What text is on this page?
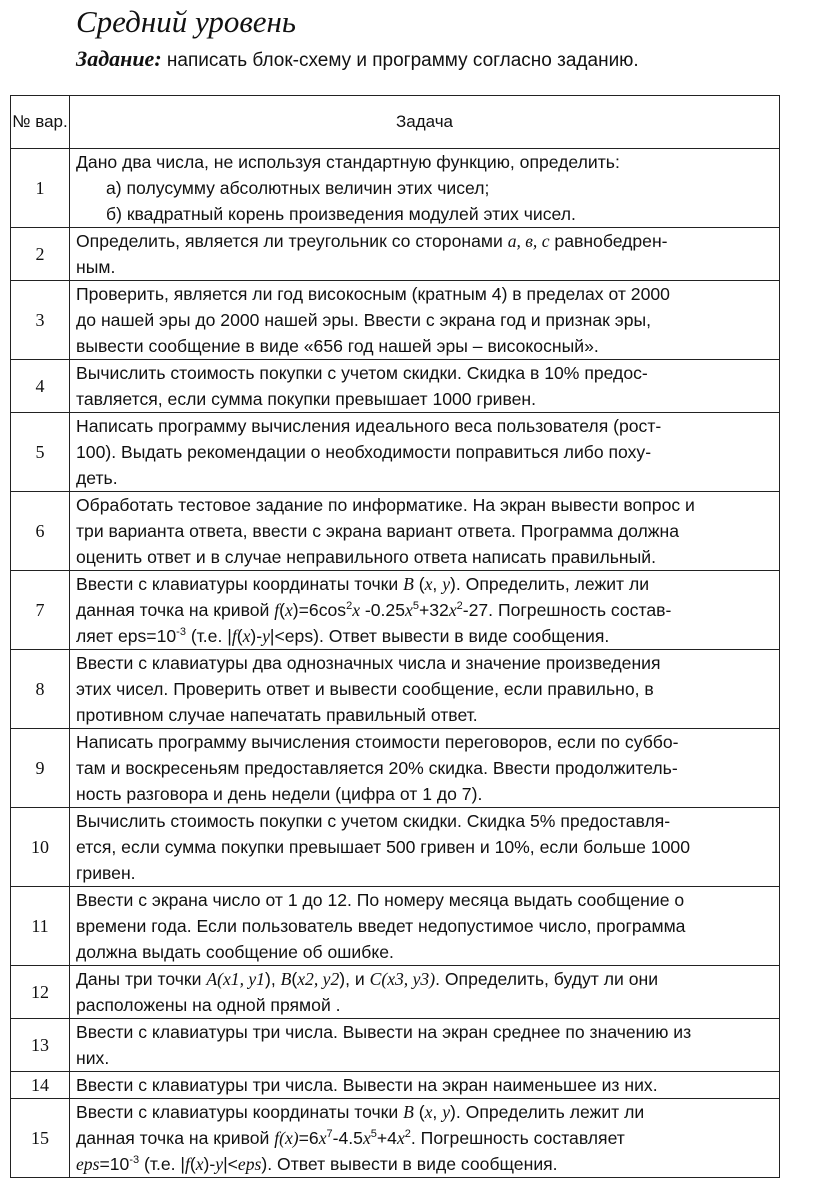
Средний уровень
Задание: написать блок-схему и программу согласно заданию.
№ вар.	Задача
1	Дано два числа, не используя стандартную функцию, определить:
а) полусумму абсолютных величин этих чисел;
б) квадратный корень произведения модулей этих чисел.

2	Определить, является ли треугольник со сторонами a, в, c равнобедрен-
ным.

3	Проверить, является ли год високосным (кратным 4) в пределах от 2000
до нашей эры до 2000 нашей эры. Ввести с экрана год и признак эры,
вывести сообщение в виде «656 год нашей эры – високосный».

4	Вычислить стоимость покупки с учетом скидки. Скидка в 10% предос-
тавляется, если сумма покупки превышает 1000 гривен.

5	Написать программу вычисления идеального веса пользователя (рост-
100). Выдать рекомендации о необходимости поправиться либо поху-
деть.

6	Обработать тестовое задание по информатике. На экран вывести вопрос и
три варианта ответа, ввести с экрана вариант ответа. Программа должна
оценить ответ и в случае неправильного ответа написать правильный.

7	Ввести с клавиатуры координаты точки B (x, y). Определить, лежит ли
данная точка на кривой $f(x)=6\cos^2x$ $-0.25x^5+32x^2-27$. Погрешность состав-
ляет $eps=10^{-3}$ (т.е. |f(x)-y|<eps). Ответ вывести в виде сообщения.

8	Ввести с клавиатуры два однозначных числа и значение произведения
этих чисел. Проверить ответ и вывести сообщение, если правильно, в
противном случае напечатать правильный ответ.

9	Написать программу вычисления стоимости переговоров, если по суббо-
там и воскресеньям предоставляется 20% скидка. Ввести продолжитель-
ность разговора и день недели (цифра от 1 до 7).

10	Вычислить стоимость покупки с учетом скидки. Скидка 5% предоставля-
ется, если сумма покупки превышает 500 гривен и 10%, если больше 1000
гривен.

11	Ввести с экрана число от 1 до 12. По номеру месяца выдать сообщение о
времени года. Если пользователь введет недопустимое число, программа
должна выдать сообщение об ошибке.

12	Даны три точки A(x1, y1), B(x2, y2), и C(x3, y3). Определить, будут ли они
расположены на одной прямой .

13	Ввести с клавиатуры три числа. Вывести на экран среднее по значению из
них.

14	Ввести с клавиатуры три числа. Вывести на экран наименьшее из них.

15	Ввести с клавиатуры координаты точки B (x, y). Определить лежит ли
данная точка на кривой $f(x)=6x^7-4.5x^5+4x^2$. Погрешность составляет
$eps=10^{-3}$ (т.е. |f(x)-y|<eps). Ответ вывести в виде сообщения.
